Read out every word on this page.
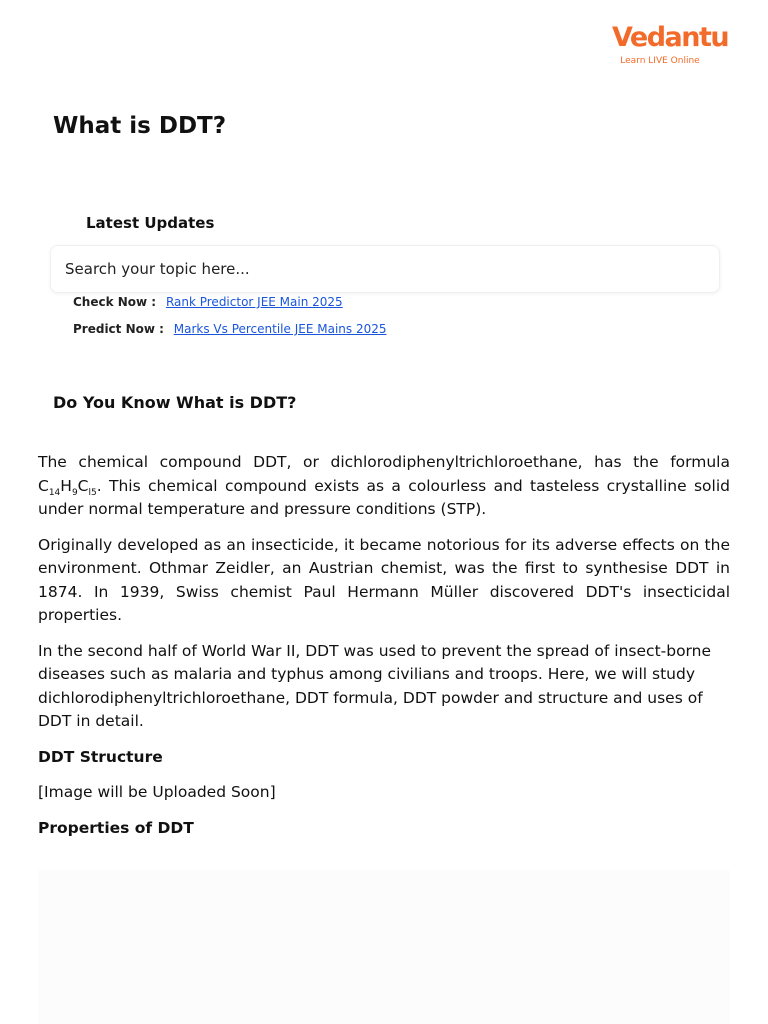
Vedantu
Learn LIVE Online
What is DDT?
Latest Updates
Search your topic here...
Check Now : Rank Predictor JEE Main 2025
Predict Now : Marks Vs Percentile JEE Mains 2025
Do You Know What is DDT?

The chemical compound DDT, or dichlorodiphenyltrichloroethane, has the formula $C_{14}H_9C_{l5}$. This chemical compound exists as a colourless and tasteless crystalline solid under normal temperature and pressure conditions (STP).

Originally developed as an insecticide, it became notorious for its adverse effects on the environment. Othmar Zeidler, an Austrian chemist, was the first to synthesise DDT in 1874. In 1939, Swiss chemist Paul Hermann Müller discovered DDT's insecticidal properties.

In the second half of World War II, DDT was used to prevent the spread of insect-borne diseases such as malaria and typhus among civilians and troops. Here, we will study dichlorodiphenyltrichloroethane, DDT formula, DDT powder and structure and uses of DDT in detail.

DDT Structure

[Image will be Uploaded Soon]

Properties of DDT
